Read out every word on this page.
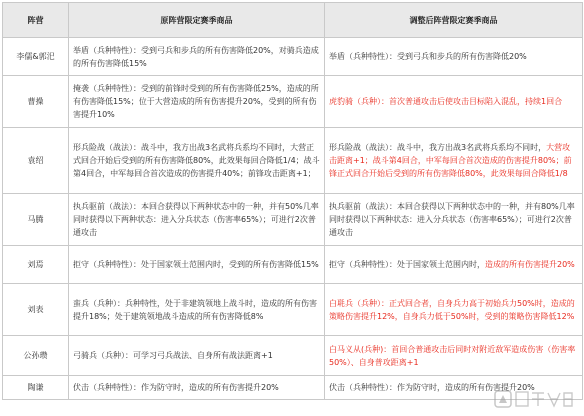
阵营	原阵营限定赛季商品	调整后阵营限定赛季商品
李儒&郭汜	举盾（兵种特性）：受到弓兵和步兵的所有伤害降低20%，对骑兵造成的所有伤害降低15%	举盾（兵种特性）：受到弓兵和步兵的所有伤害降低20%
曹操	掩袭（兵种特性）：受到的前锋时受到的所有伤害降低25%，造成的所有伤害降低15%；位于大营造成的所有伤害提升20%，受到的所有伤害提升10%	虎豹骑（兵种）：首次普通攻击后使攻击目标陷入混乱，持续1回合
袁绍	形兵险战（战法）：战斗中，我方出战3名武将兵系均不同时，大营正式回合开始后受到的所有伤害降低80%，此效果每回合降低1/4；战斗第4回合，中军每回合首次造成的伤害提升40%；前锋攻击距离+1；	形兵险战（战法）：战斗中，我方出战3名武将兵系均不同时，大营攻击距离+1；战斗第4回合，中军每回合首次造成的伤害提升80%；前锋正式回合开始后受到的所有伤害降低80%，此效果每回合降低1/8
马腾	执兵驱前（战法）：本回合获得以下两种状态中的一种，并有50%几率同时获得以下两种状态：进入分兵状态（伤害率65%）；可进行2次普通攻击	执兵驱前（战法）：本回合获得以下两种状态中的一种，并有80%几率同时获得以下两种状态：进入分兵状态（伤害率65%）；可进行2次普通攻击
刘焉	拒守（兵种特性）：处于国家领土范围内时，受到的所有伤害降低15%	拒守（兵种特性）：处于国家领土范围内时，造成的所有伤害提升20%
刘表	蛮兵（兵种）：兵种特性，处于非建筑领地上战斗时，造成的所有伤害提升18%；处于建筑领地战斗造成的所有伤害降低8%	白毦兵（兵种）：正式回合者，自身兵力高于初始兵力50%时，造成的策略伤害提升12%，自身兵力低于50%时，受到的策略伤害降低12%
公孙瓒	弓骑兵（兵种）：可学习弓兵战法、自身所有战法距离+1	白马义从(兵种)：首回合普通攻击后同时对附近敌军造成伤害（伤害率50%）、自身普攻距离+1
陶谦	伏击（兵种特性）：作为防守时，造成的所有伤害提升20%	伏击（兵种特性）：作为防守时，造成的所有伤害提升20%
